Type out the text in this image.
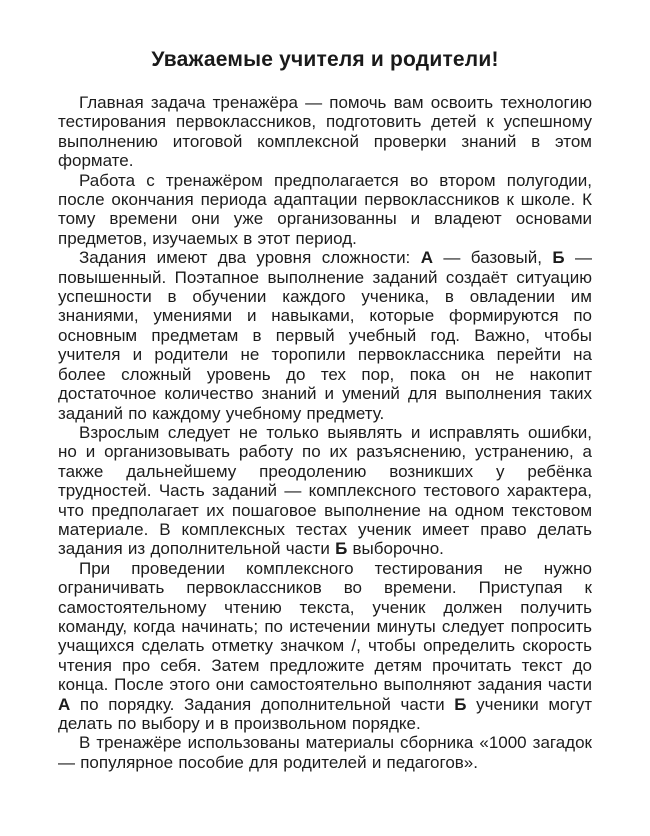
Уважаемые учителя и родители!

Главная задача тренажёра — помочь вам освоить технологию тестирования первоклассников, подготовить детей к успешному выполнению итоговой комплексной проверки знаний в этом формате.

Работа с тренажёром предполагается во втором полугодии, после окончания периода адаптации первоклассников к школе. К тому времени они уже организованны и владеют основами предметов, изучаемых в этот период.

Задания имеют два уровня сложности: А — базовый, Б — повышенный. Поэтапное выполнение заданий создаёт ситуацию успешности в обучении каждого ученика, в овладении им знаниями, умениями и навыками, которые формируются по основным предметам в первый учебный год. Важно, чтобы учителя и родители не торопили первоклассника перейти на более сложный уровень до тех пор, пока он не накопит достаточное количество знаний и умений для выполнения таких заданий по каждому учебному предмету.

Взрослым следует не только выявлять и исправлять ошибки, но и организовывать работу по их разъяснению, устранению, а также дальнейшему преодолению возникших у ребёнка трудностей. Часть заданий — комплексного тестового характера, что предполагает их пошаговое выполнение на одном текстовом материале. В комплексных тестах ученик имеет право делать задания из дополнительной части Б выборочно.

При проведении комплексного тестирования не нужно ограничивать первоклассников во времени. Приступая к самостоятельному чтению текста, ученик должен получить команду, когда начинать; по истечении минуты следует попросить учащихся сделать отметку значком /, чтобы определить скорость чтения про себя. Затем предложите детям прочитать текст до конца. После этого они самостоятельно выполняют задания части А по порядку. Задания дополнительной части Б ученики могут делать по выбору и в произвольном порядке.

В тренажёре использованы материалы сборника «1000 загадок — популярное пособие для родителей и педагогов».
